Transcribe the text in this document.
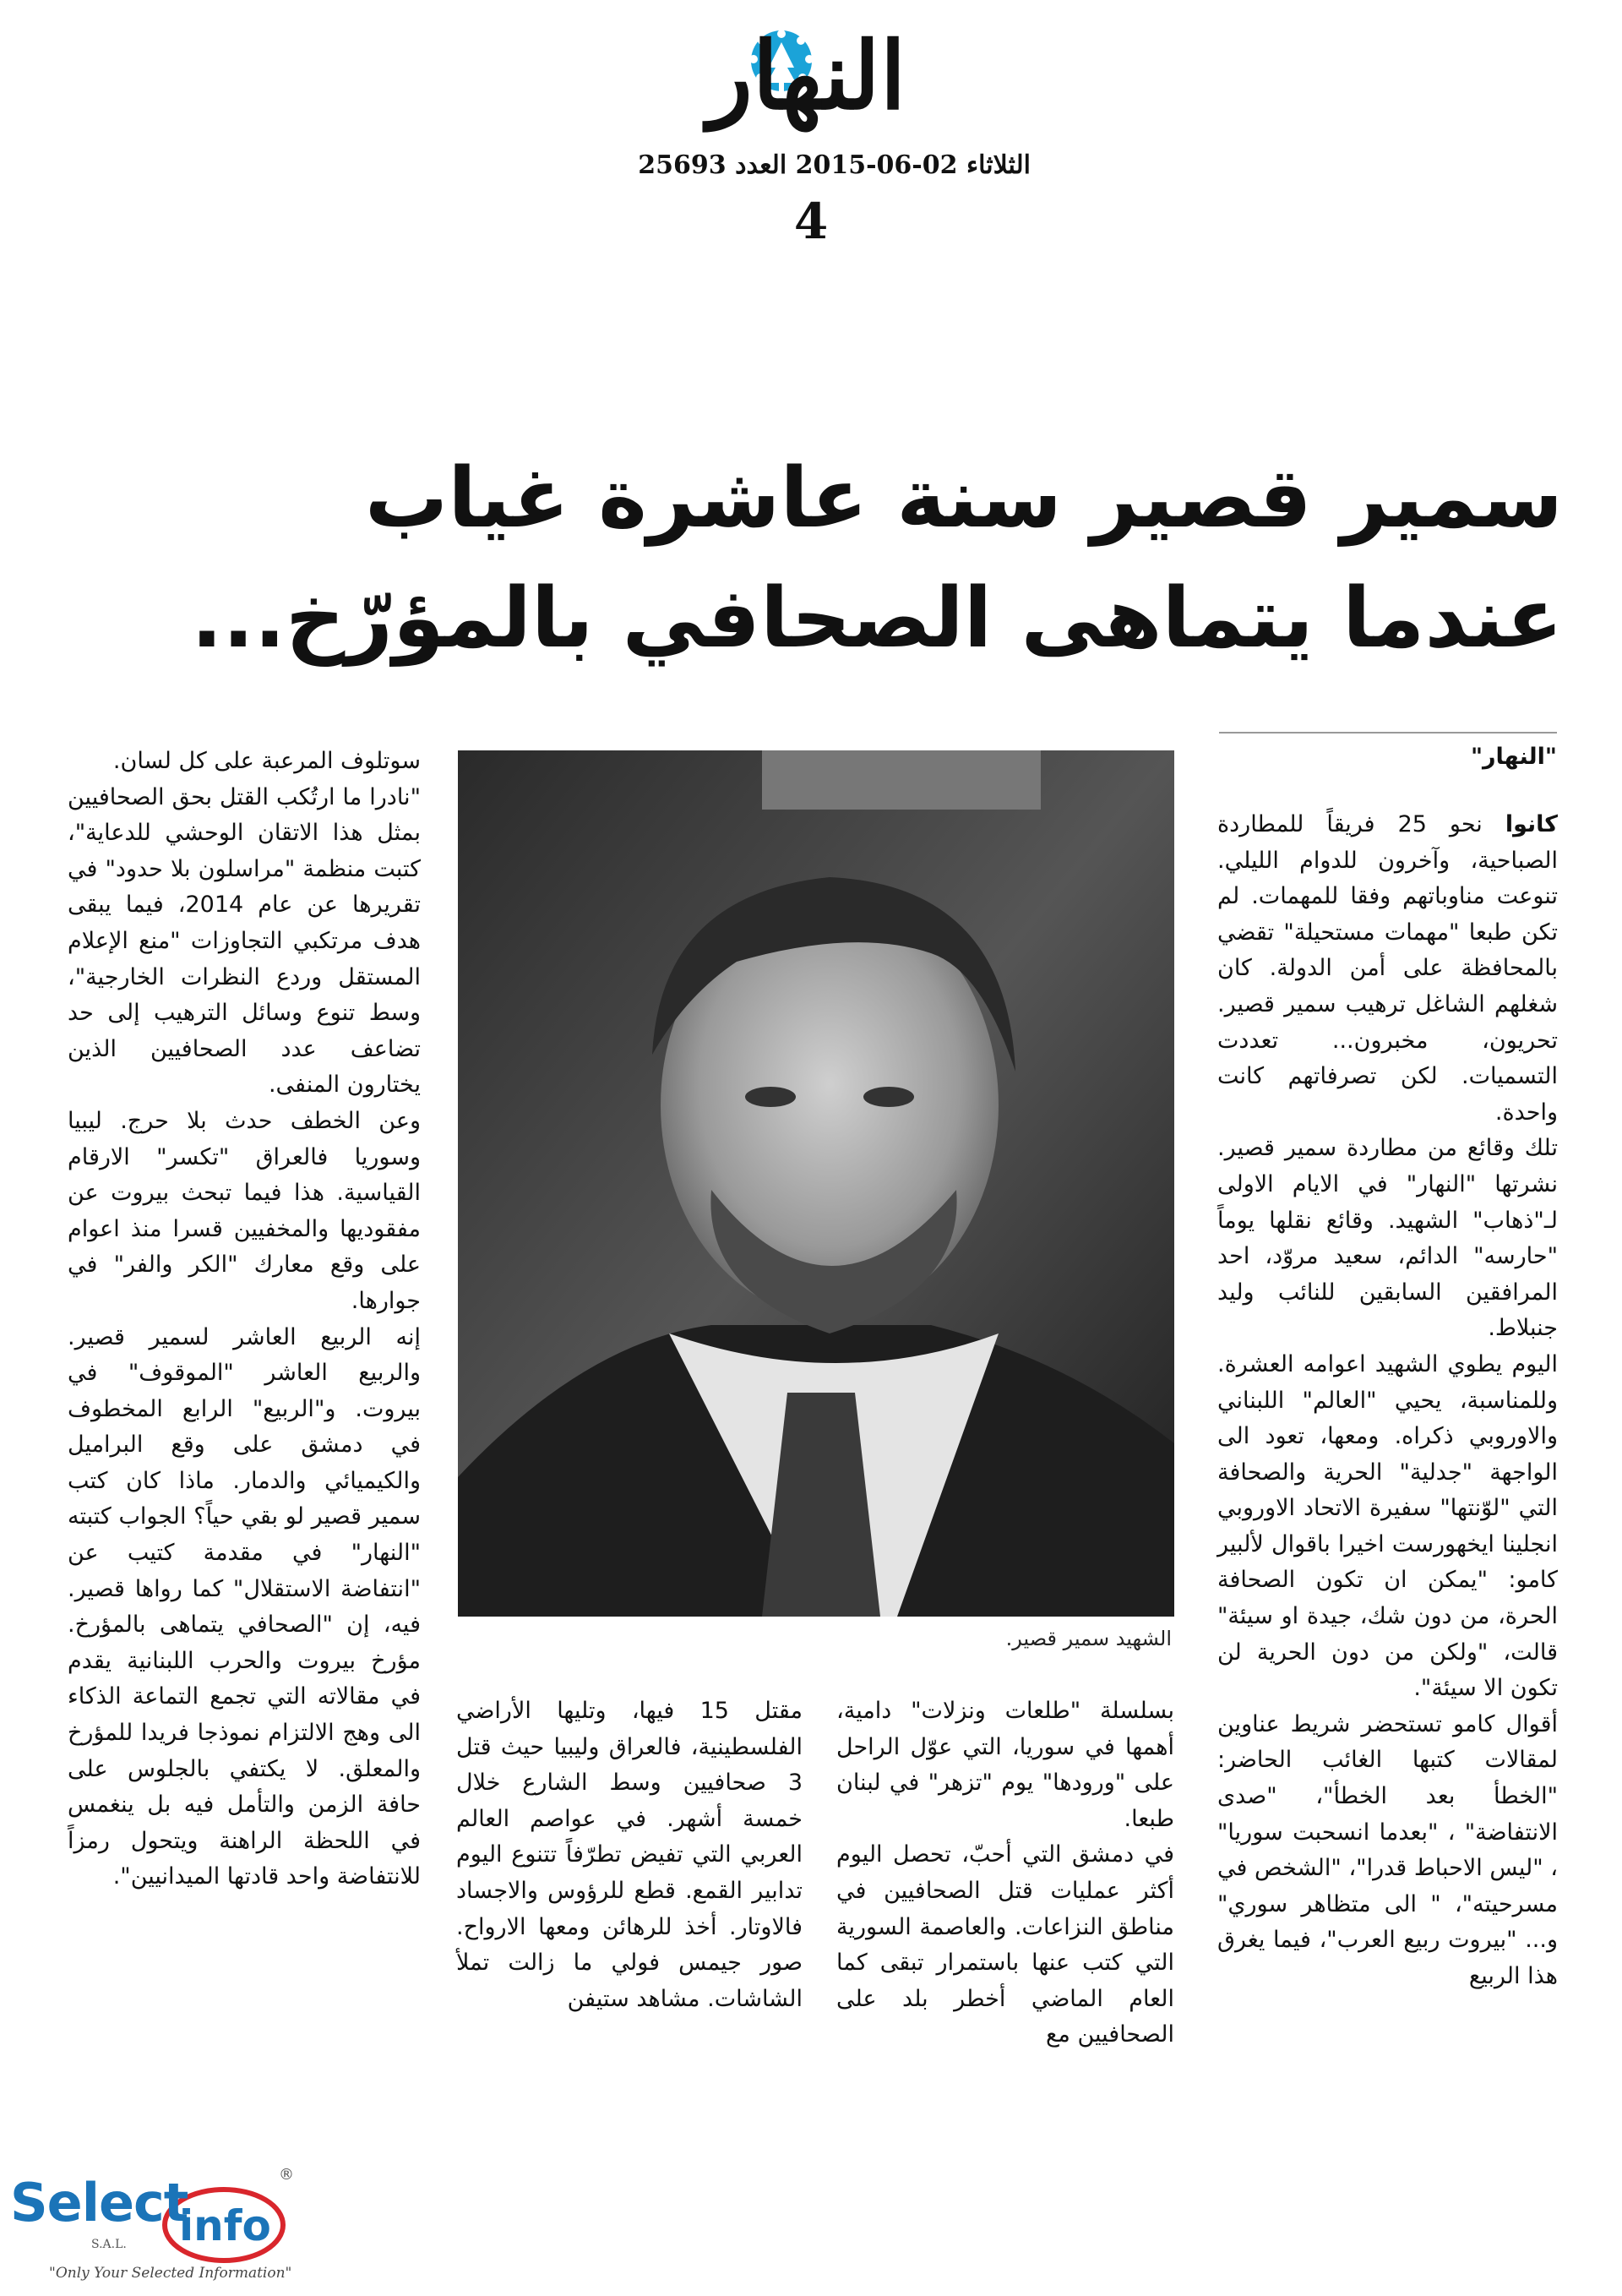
النهار
الثلاثاء 2015-06-02 العدد 25693
4
سمير قصير سنة عاشرة غياب
عندما يتماهى الصحافي بالمؤرّخ...
"النهار"

كانوا نحو 25 فريقاً للمطاردة الصباحية، وآخرون للدوام الليلي. تنوعت مناوباتهم وفقا للمهمات. لم تكن طبعا "مهمات مستحيلة" تقضي بالمحافظة على أمن الدولة. كان شغلهم الشاغل ترهيب سمير قصير. تحريون، مخبرون... تعددت التسميات. لكن تصرفاتهم كانت واحدة.

تلك وقائع من مطاردة سمير قصير. نشرتها "النهار" في الايام الاولى لـ"ذهاب" الشهيد. وقائع نقلها يوماً "حارسه" الدائم، سعيد مروّد، احد المرافقين السابقين للنائب وليد جنبلاط.

اليوم يطوي الشهيد اعوامه العشرة. وللمناسبة، يحيي "العالم" اللبناني والاوروبي ذكراه. ومعها، تعود الى الواجهة "جدلية" الحرية والصحافة التي "لوّنتها" سفيرة الاتحاد الاوروبي انجلينا ايخهورست اخيرا باقوال لألبير كامو: "يمكن ان تكون الصحافة الحرة، من دون شك، جيدة او سيئة" قالت، "ولكن من دون الحرية لن تكون الا سيئة".

أقوال كامو تستحضر شريط عناوين لمقالات كتبها الغائب الحاضر: "الخطأ بعد الخطأ"، "صدى الانتفاضة" ، "بعدما انسحبت سوريا" ، "ليس الاحباط قدرا"، "الشخص في مسرحيته"، " الى متظاهر سوري" و... "بيروت ربيع العرب"، فيما يغرق هذا الربيع

الشهيد سمير قصير.

بسلسلة "طلعات ونزلات" دامية، أهمها في سوريا، التي عوّل الراحل على "ورودها" يوم "تزهر" في لبنان طبعا.

في دمشق التي أحبّ، تحصل اليوم أكثر عمليات قتل الصحافيين في مناطق النزاعات. والعاصمة السورية التي كتب عنها باستمرار تبقى كما العام الماضي أخطر بلد على الصحافيين مع

مقتل 15 فيها، وتليها الأراضي الفلسطينية، فالعراق وليبيا حيث قتل 3 صحافيين وسط الشارع خلال خمسة أشهر. في عواصم العالم العربي التي تفيض تطرّفاً تتنوع اليوم تدابير القمع. قطع للرؤوس والاجساد فالاوتار. أخذ للرهائن ومعها الارواح. صور جيمس فولي ما زالت تملأ الشاشات. مشاهد ستيفن

سوتلوف المرعبة على كل لسان.

"نادرا ما ارتُكب القتل بحق الصحافيين بمثل هذا الاتقان الوحشي للدعاية"، كتبت منظمة "مراسلون بلا حدود" في تقريرها عن عام 2014، فيما يبقى هدف مرتكبي التجاوزات "منع الإعلام المستقل وردع النظرات الخارجية"، وسط تنوع وسائل الترهيب إلى حد تضاعف عدد الصحافيين الذين يختارون المنفى.

وعن الخطف حدث بلا حرج. ليبيا وسوريا فالعراق "تكسر" الارقام القياسية. هذا فيما تبحث بيروت عن مفقوديها والمخفيين قسرا منذ اعوام على وقع معارك "الكر والفر" في جوارها.

إنه الربيع العاشر لسمير قصير. والربيع العاشر "الموقوف" في بيروت. و"الربيع" الرابع المخطوف في دمشق على وقع البراميل والكيميائي والدمار. ماذا كان كتب سمير قصير لو بقي حياً؟ الجواب كتبته "النهار" في مقدمة كتيب عن "انتفاضة الاستقلال" كما رواها قصير. فيه، إن "الصحافي يتماهى بالمؤرخ. مؤرخ بيروت والحرب اللبنانية يقدم في مقالاته التي تجمع التماعة الذكاء الى وهج الالتزام نموذجا فريدا للمؤرخ والمعلق. لا يكتفي بالجلوس على حافة الزمن والتأمل فيه بل ينغمس في اللحظة الراهنة ويتحول رمزاً للانتفاضة واحد قادتها الميدانيين".

Select
info
®
S.A.L.
"Only Your Selected Information"
